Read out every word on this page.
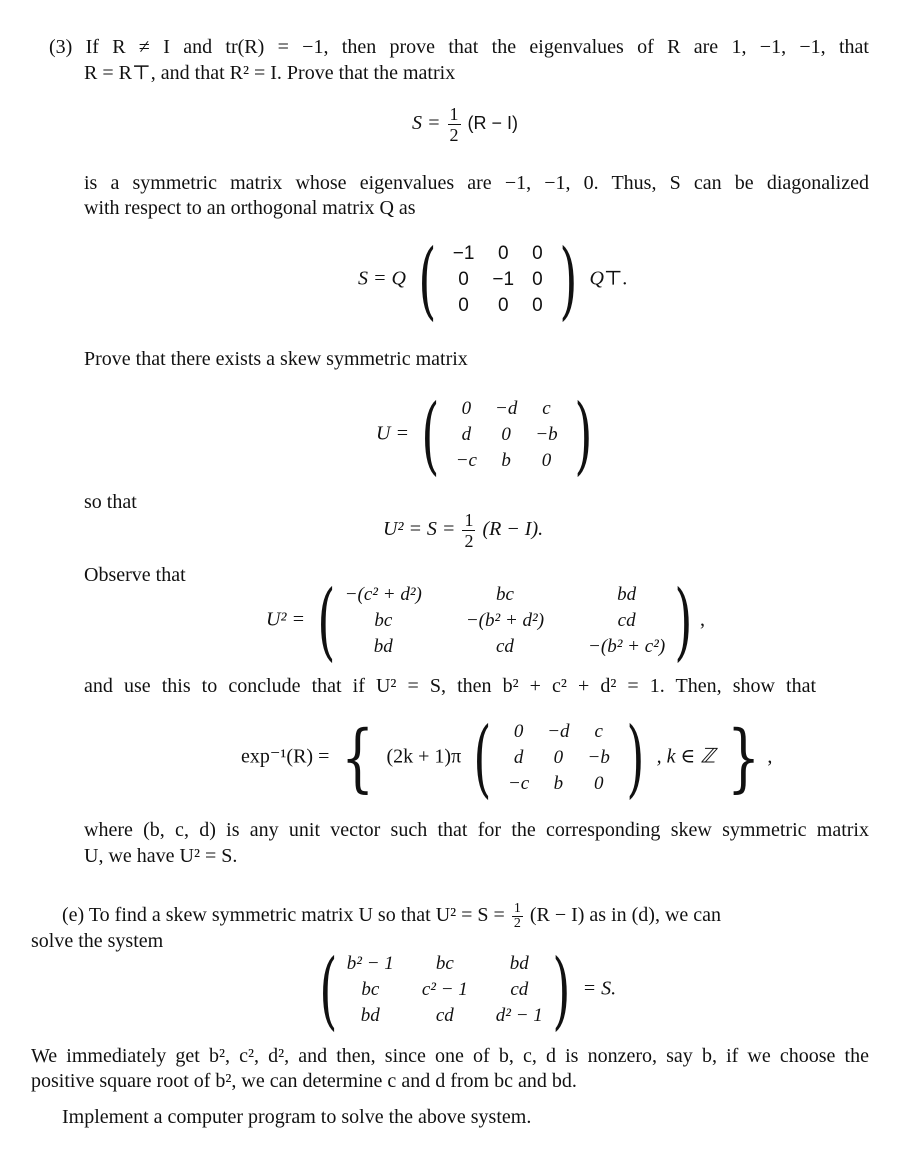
(3) If R ≠ I and tr(R) = −1, then prove that the eigenvalues of R are 1, −1, −1, that
R = R⊤, and that R² = I. Prove that the matrix
$S = \frac{1}{2} (R - I)$
is a symmetric matrix whose eigenvalues are −1, −1, 0. Thus, S can be diagonalized
with respect to an orthogonal matrix Q as
S = Q ( −1	0	0
0	−1	0
0	0	0 ) Q⊤.
Prove that there exists a skew symmetric matrix
U = ( 0	−d	c
d	0	−b
−c	b	0 )
so that
$U^2 = S = \frac{1}{2} (R - I)$.
Observe that
U² = ( −(c² + d²)	bc	bd
bc	−(b² + d²)	cd
bd	cd	−(b² + c²) ) ,
and use this to conclude that if U² = S, then b² + c² + d² = 1. Then, show that
exp⁻¹(R) = { (2k + 1)π ( 0	−d	c
d	0	−b
−c	b	0 ) , k ∈ ℤ } ,
where (b, c, d) is any unit vector such that for the corresponding skew symmetric matrix
U, we have U² = S.
(e) To find a skew symmetric matrix U so that $U^2 = S = \frac{1}{2} (R - I)$ as in (d), we can
solve the system ( b² − 1	bc	bd
bc	c² − 1	cd
bd	cd	d² − 1 ) = S.
We immediately get b², c², d², and then, since one of b, c, d is nonzero, say b, if we choose the
positive square root of b², we can determine c and d from bc and bd.
Implement a computer program to solve the above system.
